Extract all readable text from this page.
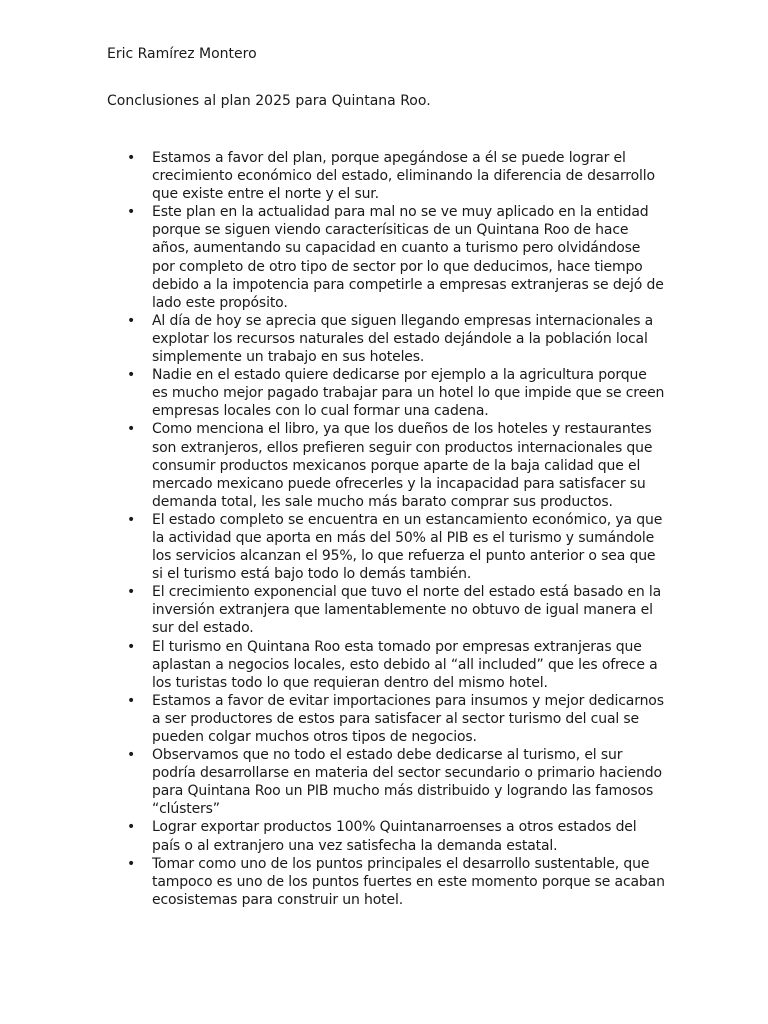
Eric Ramírez Montero

Conclusiones al plan 2025 para Quintana Roo.

• Estamos a favor del plan, porque apegándose a él se puede lograr el crecimiento económico del estado, eliminando la diferencia de desarrollo que existe entre el norte y el sur.
• Este plan en la actualidad para mal no se ve muy aplicado en la entidad porque se siguen viendo caracterísiticas de un Quintana Roo de hace años, aumentando su capacidad en cuanto a turismo pero olvidándose por completo de otro tipo de sector por lo que deducimos, hace tiempo debido a la impotencia para competirle a empresas extranjeras se dejó de lado este propósito.
• Al día de hoy se aprecia que siguen llegando empresas internacionales a explotar los recursos naturales del estado dejándole a la población local simplemente un trabajo en sus hoteles.
• Nadie en el estado quiere dedicarse por ejemplo a la agricultura porque es mucho mejor pagado trabajar para un hotel lo que impide que se creen empresas locales con lo cual formar una cadena.
• Como menciona el libro, ya que los dueños de los hoteles y restaurantes son extranjeros, ellos prefieren seguir con productos internacionales que consumir productos mexicanos porque aparte de la baja calidad que el mercado mexicano puede ofrecerles y la incapacidad para satisfacer su demanda total, les sale mucho más barato comprar sus productos.
• El estado completo se encuentra en un estancamiento económico, ya que la actividad que aporta en más del 50% al PIB es el turismo y sumándole los servicios alcanzan el 95%, lo que refuerza el punto anterior o sea que si el turismo está bajo todo lo demás también.
• El crecimiento exponencial que tuvo el norte del estado está basado en la inversión extranjera que lamentablemente no obtuvo de igual manera el sur del estado.
• El turismo en Quintana Roo esta tomado por empresas extranjeras que aplastan a negocios locales, esto debido al “all included” que les ofrece a los turistas todo lo que requieran dentro del mismo hotel.
• Estamos a favor de evitar importaciones para insumos y mejor dedicarnos a ser productores de estos para satisfacer al sector turismo del cual se pueden colgar muchos otros tipos de negocios.
• Observamos que no todo el estado debe dedicarse al turismo, el sur podría desarrollarse en materia del sector secundario o primario haciendo para Quintana Roo un PIB mucho más distribuido y logrando las famosos “clústers”
• Lograr exportar productos 100% Quintanarroenses a otros estados del país o al extranjero una vez satisfecha la demanda estatal.
• Tomar como uno de los puntos principales el desarrollo sustentable, que tampoco es uno de los puntos fuertes en este momento porque se acaban ecosistemas para construir un hotel.
